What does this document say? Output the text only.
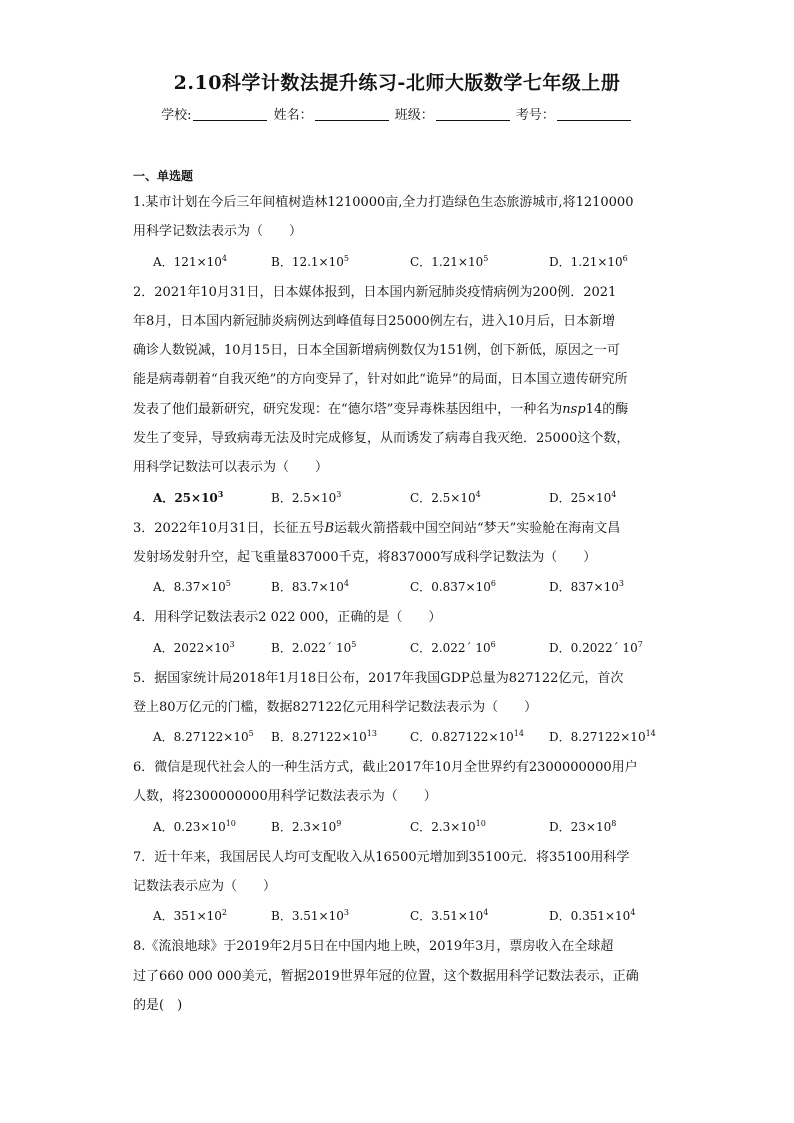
2.10科学计数法提升练习-北师大版数学七年级上册
学校:	姓名：	班级：	考号：
一、单选题
1.某市计划在今后三年间植树造林1210000亩,全力打造绿色生态旅游城市,将1210000
用科学记数法表示为（　　）
A．$121\times 10^4$	B．$12.1\times 10^5$	C．$1.21\times 10^5$	D．$1.21\times 10^6$
2．2021年10月31日，日本媒体报到，日本国内新冠肺炎疫情病例为200例．2021
年8月，日本国内新冠肺炎病例达到峰值每日25000例左右，进入10月后，日本新增
确诊人数锐减，10月15日，日本全国新增病例数仅为151例，创下新低，原因之一可
能是病毒朝着“自我灭绝”的方向变异了，针对如此“诡异”的局面，日本国立遗传研究所
发表了他们最新研究，研究发现：在“德尔塔”变异毒株基因组中，一种名为nsp14的酶
发生了变异，导致病毒无法及时完成修复，从而诱发了病毒自我灭绝．25000这个数，
用科学记数法可以表示为（　　）
A．$25\times 10^3$	B．$2.5\times 10^3$	C．$2.5\times 10^4$	D．$25\times 10^4$
3．2022年10月31日，长征五号B运载火箭搭载中国空间站“梦天”实验舱在海南文昌
发射场发射升空，起飞重量837000千克，将837000写成科学记数法为（　　）
A．$8.37\times 10^5$	B．$83.7\times 10^4$	C．$0.837\times 10^6$	D．$837\times 10^3$
4．用科学记数法表示2 022 000，正确的是（　　）
A．$2022\times 10^3$	B．2.022´ $10^5$	C．2.022´ $10^6$	D．0.2022´ $10^7$
5．据国家统计局2018年1月18日公布，2017年我国GDP总量为827122亿元，首次
登上80万亿元的门槛，数据827122亿元用科学记数法表示为（　　）
A．$8.27122\times 10^5$ B．$8.27122\times 10^{13}$	C．$0.827122\times 10^{14}$ D．$8.27122\times 10^{14}$
6．微信是现代社会人的一种生活方式，截止2017年10月全世界约有2300000000用户
人数，将2300000000用科学记数法表示为（　　）
A．$0.23\times 10^{10}$	B．$2.3\times 10^9$	C．$2.3\times 10^{10}$	D．$23\times 10^8$
7．近十年来，我国居民人均可支配收入从16500元增加到35100元．将35100用科学
记数法表示应为（　　）
A．$351\times 10^2$	B．$3.51\times 10^3$	C．$3.51\times 10^4$	D．$0.351\times 10^4$
8.《流浪地球》于2019年2月5日在中国内地上映，2019年3月，票房收入在全球超
过了660 000 000美元，暂据2019世界年冠的位置，这个数据用科学记数法表示，正确
的是(　)
